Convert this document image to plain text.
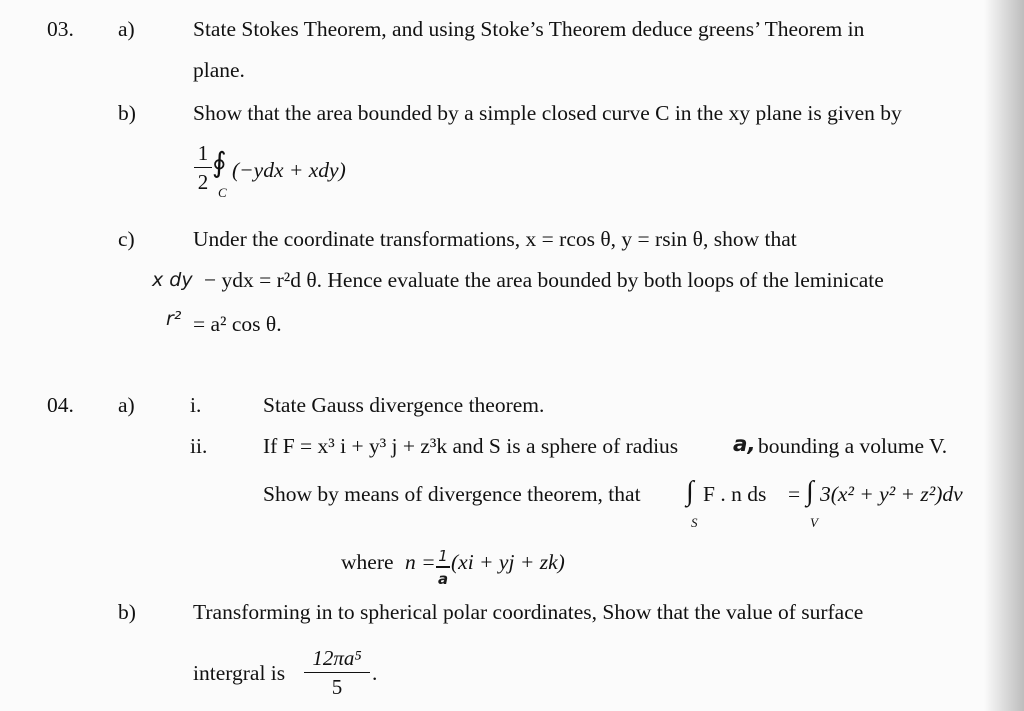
03. a)	State Stokes Theorem, and using Stoke’s Theorem deduce greens’ Theorem in
plane.
b)	Show that the area bounded by a simple closed curve C in the xy plane is given by
$\frac{1}{2}$ ∮
C
(−ydx + xdy)
c)	Under the coordinate transformations, x = rcos θ, y = rsin θ, show that
x dy − ydx = r²d θ. Hence evaluate the area bounded by both loops of the leminicate
r² = a² cos θ.
04. a)	i.	State Gauss divergence theorem.
ii.	If F = x³ i + y³ j + z³k and S is a sphere of radius	a, bounding a volume V.
Show by means of divergence theorem, that ∫
S
F . n ds = ∫
V
3(x² + y² + z²)dv
where $n = \frac{1}{a} (xi$ + yj + zk)
b)	Transforming in to spherical polar coordinates, Show that the value of surface
intergral is $\frac{\text{12πa⁵}}{5}$ .
